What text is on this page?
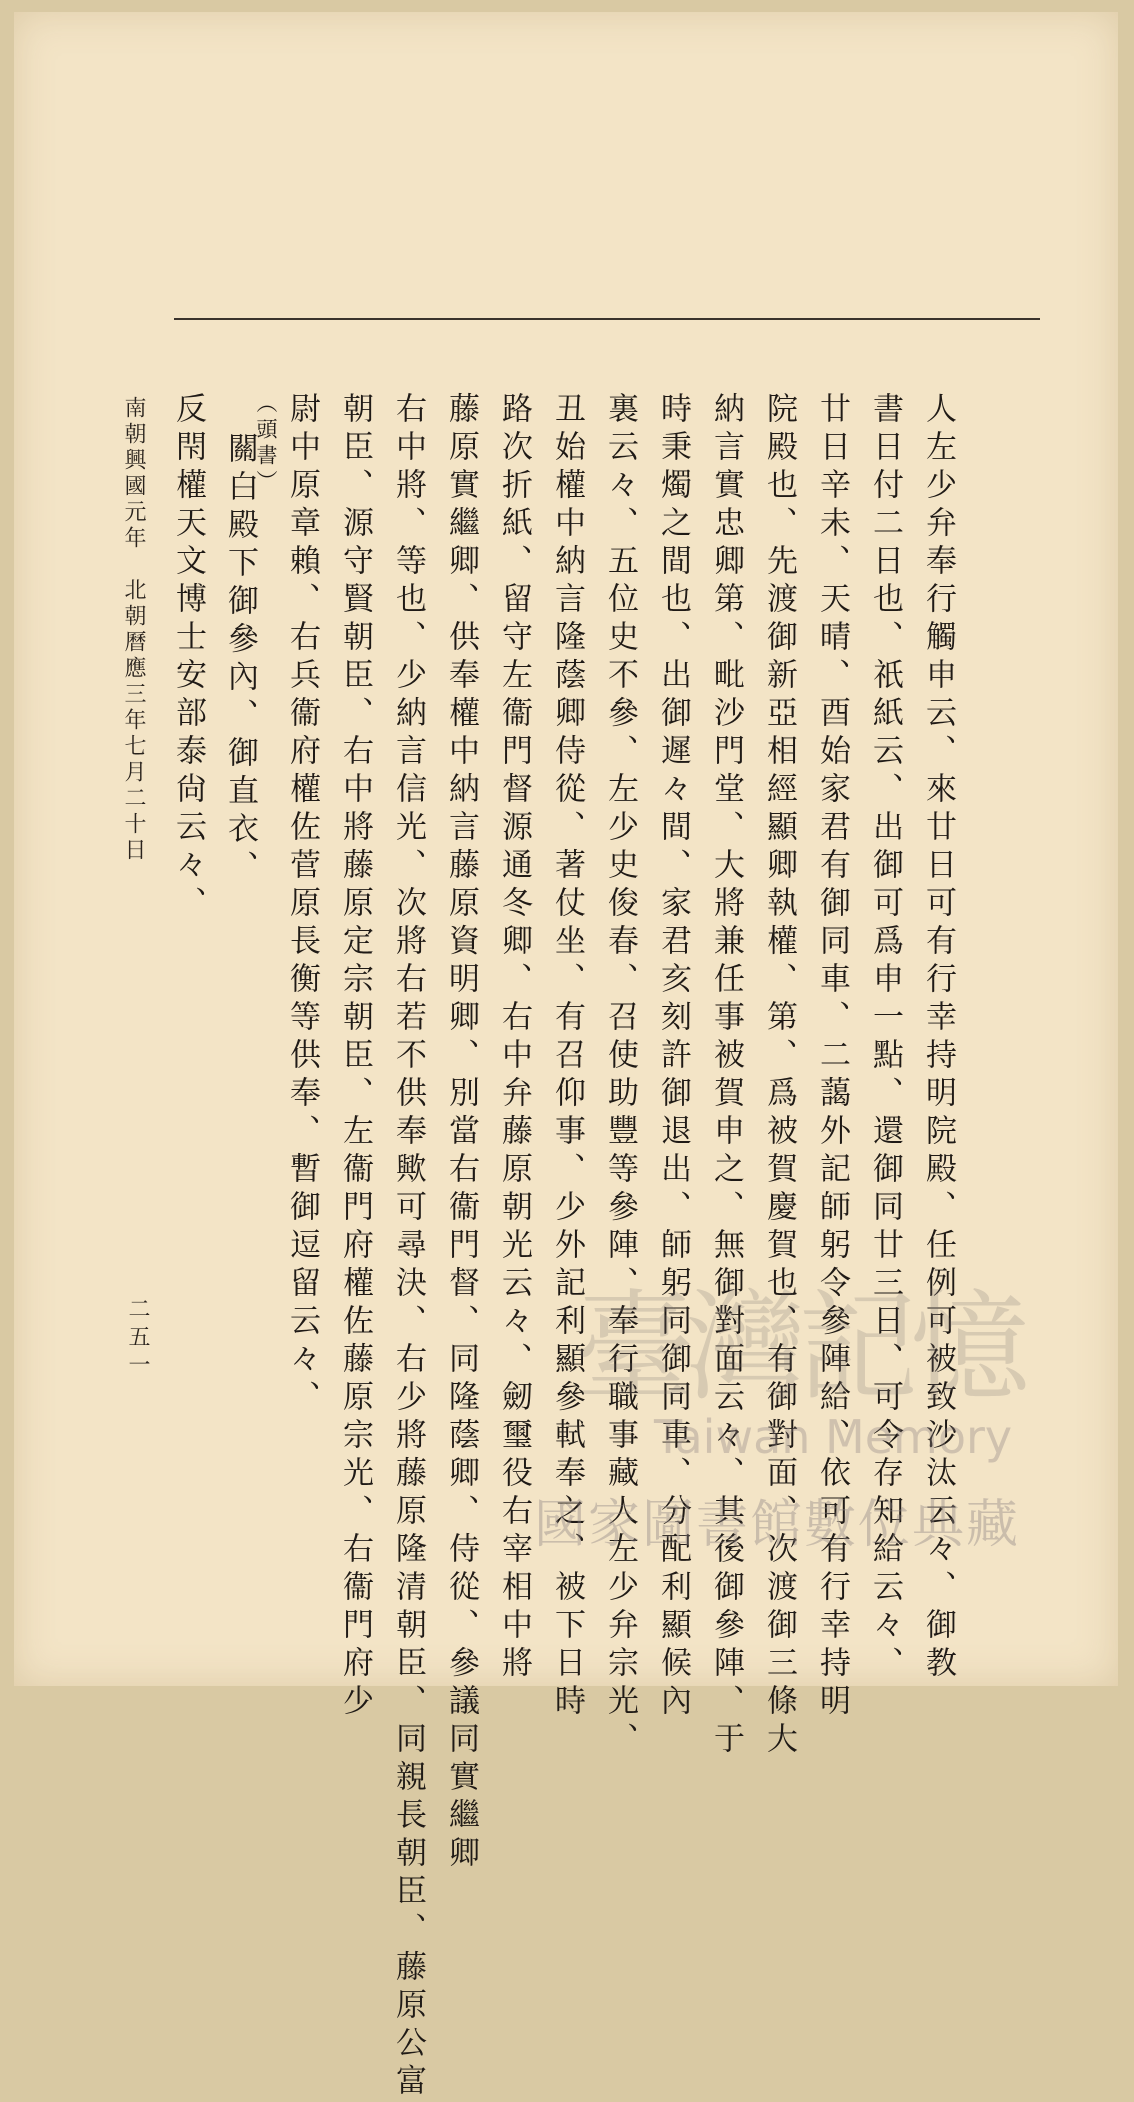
人左少弁奉行觸申云、來廿日可有行幸持明院殿、任例可被致沙汰云々、御教
書日付二日也、祇紙云、出御可爲申一點、還御同廿三日、可令存知給云々、
廿日辛未、天晴、酉始家君有御同車、二藹外記師躬令參陣給、依可有行幸持明
院殿也、先渡御新亞相經顯卿執權、第、爲被賀慶賀也、有御對面、次渡御三條大
納言實忠卿第、毗沙門堂、大將兼任事被賀申之、無御對面云々、其後御參陣、于
時秉燭之間也、出御遲々間、家君亥刻許御退出、師躬同御同車、分配利顯候內
裏云々、五位史不參、左少史俊春、召使助豐等參陣、奉行職事藏人左少弁宗光、
丑始權中納言隆蔭卿侍從、著仗坐、有召仰事、少外記利顯參軾奉之、被下日時
路次折紙、留守左衞門督源通冬卿、右中弁藤原朝光云々、劒璽役右宰相中將
藤原實繼卿、供奉權中納言藤原資明卿、別當右衞門督、同隆蔭卿、侍從、參議同實繼卿
右中將、等也、少納言信光、次將右若不供奉歟可尋決、右少將藤原隆清朝臣、同親長朝臣、藤原公富
朝臣、源守賢朝臣、右中將藤原定宗朝臣、左衞門府權佐藤原宗光、右衞門府少
尉中原章賴、右兵衞府權佐菅原長衡等供奉、暫御逗留云々、
（頭書）
關白殿下御參內、御直衣、
反閇權天文博士安部泰尙云々、
南朝興國元年　北朝曆應三年七月二十日
二五一	臺灣記憶
Taiwan Memory
國家圖書館數位典藏
